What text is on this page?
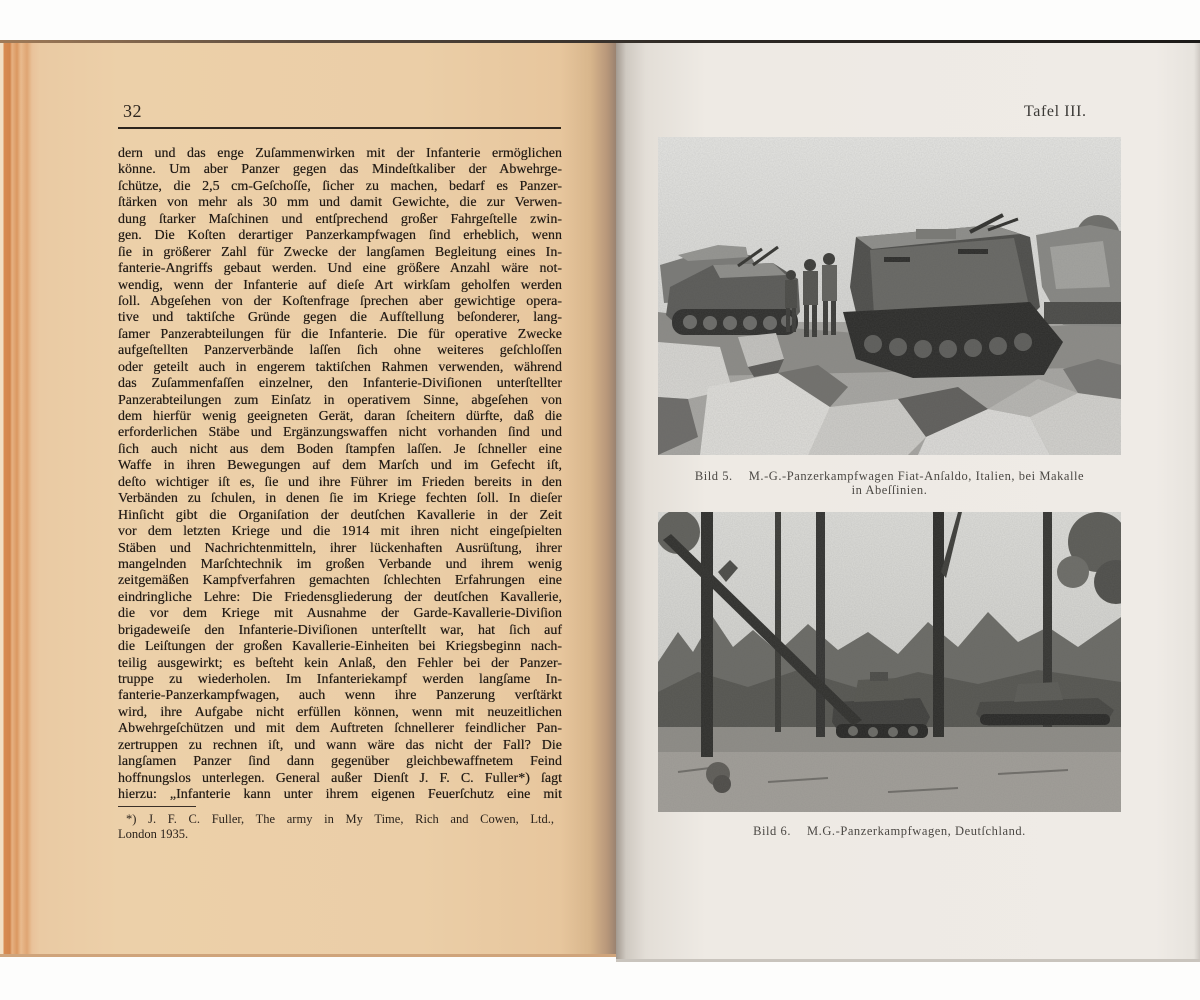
32
dern und das enge Zuſammenwirken mit der Infanterie ermöglichen
könne. Um aber Panzer gegen das Mindeſtkaliber der Abwehrge-
ſchütze, die 2,5 cm-Geſchoſſe, ſicher zu machen, bedarf es Panzer-
ſtärken von mehr als 30 mm und damit Gewichte, die zur Verwen-
dung ſtarker Maſchinen und entſprechend großer Fahrgeſtelle zwin-
gen. Die Koſten derartiger Panzerkampfwagen ſind erheblich, wenn
ſie in größerer Zahl für Zwecke der langſamen Begleitung eines In-
fanterie-Angriffs gebaut werden. Und eine größere Anzahl wäre not-
wendig, wenn der Infanterie auf dieſe Art wirkſam geholfen werden
ſoll. Abgeſehen von der Koſtenfrage ſprechen aber gewichtige opera-
tive und taktiſche Gründe gegen die Aufſtellung beſonderer, lang-
ſamer Panzerabteilungen für die Infanterie. Die für operative Zwecke
aufgeſtellten Panzerverbände laſſen ſich ohne weiteres geſchloſſen
oder geteilt auch in engerem taktiſchen Rahmen verwenden, während
das Zuſammenfaſſen einzelner, den Infanterie-Diviſionen unterſtellter
Panzerabteilungen zum Einſatz in operativem Sinne, abgeſehen von
dem hierfür wenig geeigneten Gerät, daran ſcheitern dürfte, daß die
erforderlichen Stäbe und Ergänzungswaffen nicht vorhanden ſind und
ſich auch nicht aus dem Boden ſtampfen laſſen. Je ſchneller eine
Waffe in ihren Bewegungen auf dem Marſch und im Gefecht iſt,
deſto wichtiger iſt es, ſie und ihre Führer im Frieden bereits in den
Verbänden zu ſchulen, in denen ſie im Kriege fechten ſoll. In dieſer
Hinſicht gibt die Organiſation der deutſchen Kavallerie in der Zeit
vor dem letzten Kriege und die 1914 mit ihren nicht eingeſpielten
Stäben und Nachrichtenmitteln, ihrer lückenhaften Ausrüſtung, ihrer
mangelnden Marſchtechnik im großen Verbande und ihrem wenig
zeitgemäßen Kampfverfahren gemachten ſchlechten Erfahrungen eine
eindringliche Lehre: Die Friedensgliederung der deutſchen Kavallerie,
die vor dem Kriege mit Ausnahme der Garde-Kavallerie-Diviſion
brigadeweiſe den Infanterie-Diviſionen unterſtellt war, hat ſich auf
die Leiſtungen der großen Kavallerie-Einheiten bei Kriegsbeginn nach-
teilig ausgewirkt; es beſteht kein Anlaß, den Fehler bei der Panzer-
truppe zu wiederholen. Im Infanteriekampf werden langſame In-
fanterie-Panzerkampfwagen, auch wenn ihre Panzerung verſtärkt
wird, ihre Aufgabe nicht erfüllen können, wenn mit neuzeitlichen
Abwehrgeſchützen und mit dem Auftreten ſchnellerer feindlicher Pan-
zertruppen zu rechnen iſt, und wann wäre das nicht der Fall? Die
langſamen Panzer ſind dann gegenüber gleichbewaffnetem Feind
hoffnungslos unterlegen. General außer Dienſt J. F. C. Fuller*) ſagt
hierzu: „Infanterie kann unter ihrem eigenen Feuerſchutz eine mit
*) J. F. C. Fuller, The army in My Time, Rich and Cowen, Ltd.,
London 1935.
Tafel III.
Bild 5. M.-G.-Panzerkampfwagen Fiat-Anſaldo, Italien, bei Makalle
in Abeſſinien.
Bild 6. M.G.-Panzerkampfwagen, Deutſchland.
